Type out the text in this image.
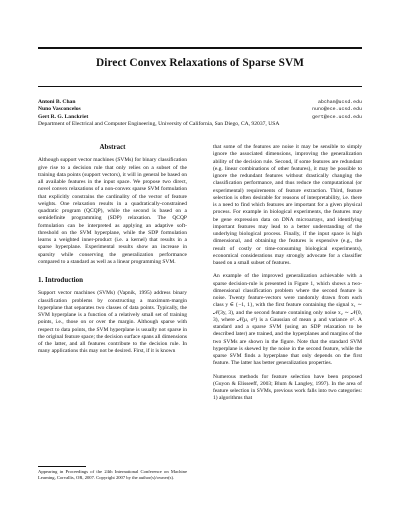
Direct Convex Relaxations of Sparse SVM
Antoni B. Chan	abchan@ucsd.edu
Nuno Vasconcelos	nuno@ece.ucsd.edu
Gert R. G. Lanckriet	gert@ece.ucsd.edu
Department of Electrical and Computer Engineering, University of California, San Diego, CA, 92037, USA
Abstract

Although support vector machines (SVMs) for binary classification give rise to a decision rule that only relies on a subset of the training data points (support vectors), it will in general be based on all available features in the input space. We propose two direct, novel convex relaxations of a non-convex sparse SVM formulation that explicitly constrains the cardinality of the vector of feature weights. One relaxation results in a quadratically-constrained quadratic program (QCQP), while the second is based on a semidefinite programming (SDP) relaxation. The QCQP formulation can be interpreted as applying an adaptive soft-threshold on the SVM hyperplane, while the SDP formulation learns a weighted inner-product (i.e. a kernel) that results in a sparse hyperplane. Experimental results show an increase in sparsity while conserving the generalization performance compared to a standard as well as a linear programming SVM.

1. Introduction

Support vector machines (SVMs) (Vapnik, 1995) address binary classification problems by constructing a maximum-margin hyperplane that separates two classes of data points. Typically, the SVM hyperplane is a function of a relatively small set of training points, i.e., those on or over the margin. Although sparse with respect to data points, the SVM hyperplane is usually not sparse in the original feature space; the decision surface spans all dimensions of the latter, and all features contribute to the decision rule. In many applications this may not be desired. First, if it is known

Appearing in Proceedings of the 24th International Conference on Machine Learning, Corvallis, OR, 2007. Copyright 2007 by the author(s)/owner(s).

that some of the features are noise it may be sensible to simply ignore the associated dimensions, improving the generalization ability of the decision rule. Second, if some features are redundant (e.g. linear combinations of other features), it may be possible to ignore the redundant features without drastically changing the classification performance, and thus reduce the computational (or experimental) requirements of feature extraction. Third, feature selection is often desirable for reasons of interpretability, i.e. there is a need to find which features are important for a given physical process. For example in biological experiments, the features may be gene expression data on DNA microarrays, and identifying important features may lead to a better understanding of the underlying biological process. Finally, if the input space is high dimensional, and obtaining the features is expensive (e.g., the result of costly or time-consuming biological experiments), economical considerations may strongly advocate for a classifier based on a small subset of features.

An example of the improved generalization achievable with a sparse decision-rule is presented in Figure 1, which shows a two-dimensional classification problem where the second feature is noise. Twenty feature-vectors were randomly drawn from each class y ∈ {−1, 1}, with the first feature containing the signal x₁ ∼ 𝒩(3y, 3), and the second feature containing only noise x₂ ∼ 𝒩(0, 3), where 𝒩(μ, σ²) is a Gaussian of mean μ and variance σ². A standard and a sparse SVM (using an SDP relaxation to be described later) are trained, and the hyperplanes and margins of the two SVMs are shown in the figure. Note that the standard SVM hyperplane is skewed by the noise in the second feature, while the sparse SVM finds a hyperplane that only depends on the first feature. The latter has better generalization properties.

Numerous methods for feature selection have been proposed (Guyon & Elisseeff, 2003; Blum & Langley, 1997). In the area of feature selection in SVMs, previous work falls into two categories: 1) algorithms that
